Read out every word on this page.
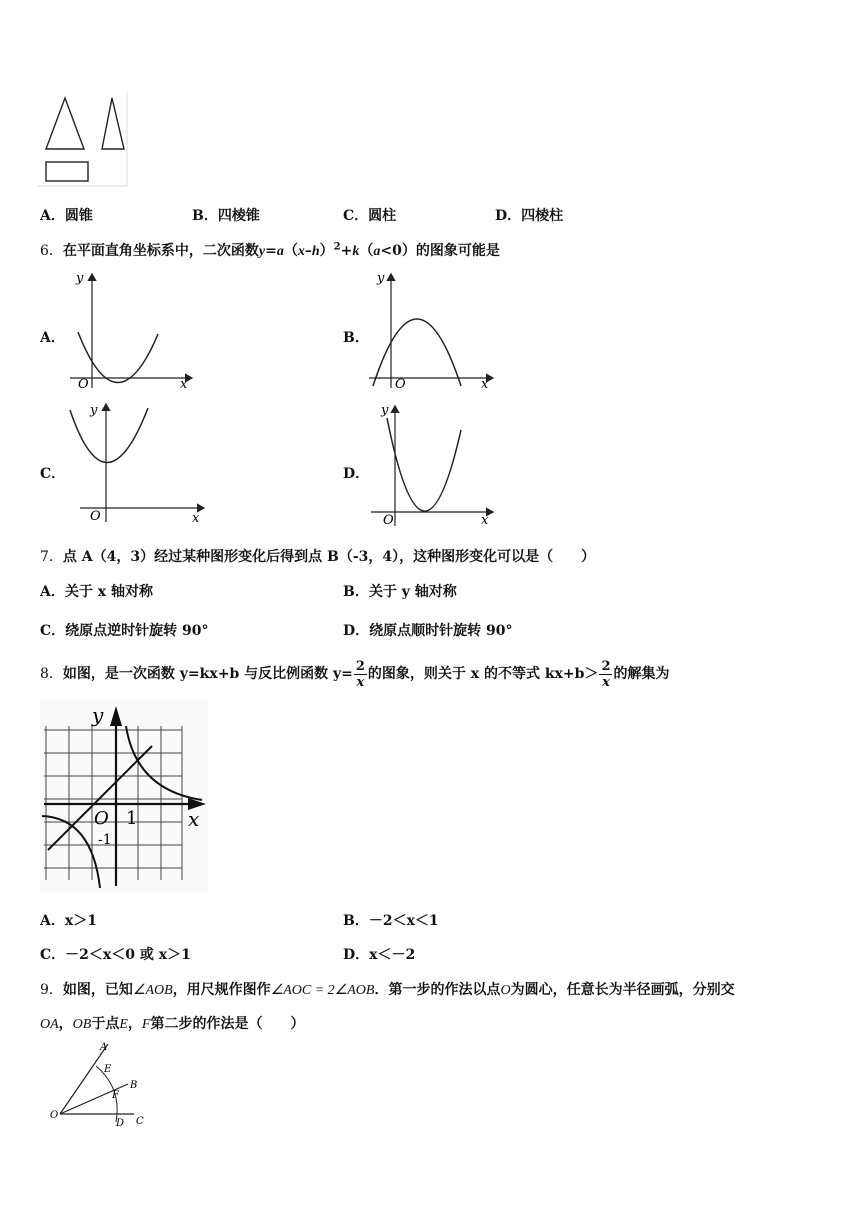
A．圆锥	B．四棱锥	C．圆柱	D．四棱柱
6．在平面直角坐标系中，二次函数$y=a(x-h)^2+k(a<0)$的图象可能是
A．	B．
C．	D．
y
x
O
y
x
O
y
x
O
y
x
O
7．点 A（4，3）经过某种图形变化后得到点 B（-3，4），这种图形变化可以是（　　）
A．关于 x 轴对称	B．关于 y 轴对称
C．绕原点逆时针旋转 90°	D．绕原点顺时针旋转 90°
8． 如图，是一次函数 y=kx+b 与反比例函数 $y= \frac{2}{x}$ 的图象，则关于 x 的不等式 $kx+b> \frac{2}{x}$ 的解集为
y
x
O 1
-1
A．x＞1	B．－2＜x＜1
C．－2＜x＜0 或 x＞1	D．x＜－2
9．如图，已知∠AOB，用尺规作图作∠AOC = 2∠AOB．第一步的作法以点O为圆心，任意长为半径画弧，分别交
OA，OB于点E，F第二步的作法是（　　）
A
E
B
F
O
D C
